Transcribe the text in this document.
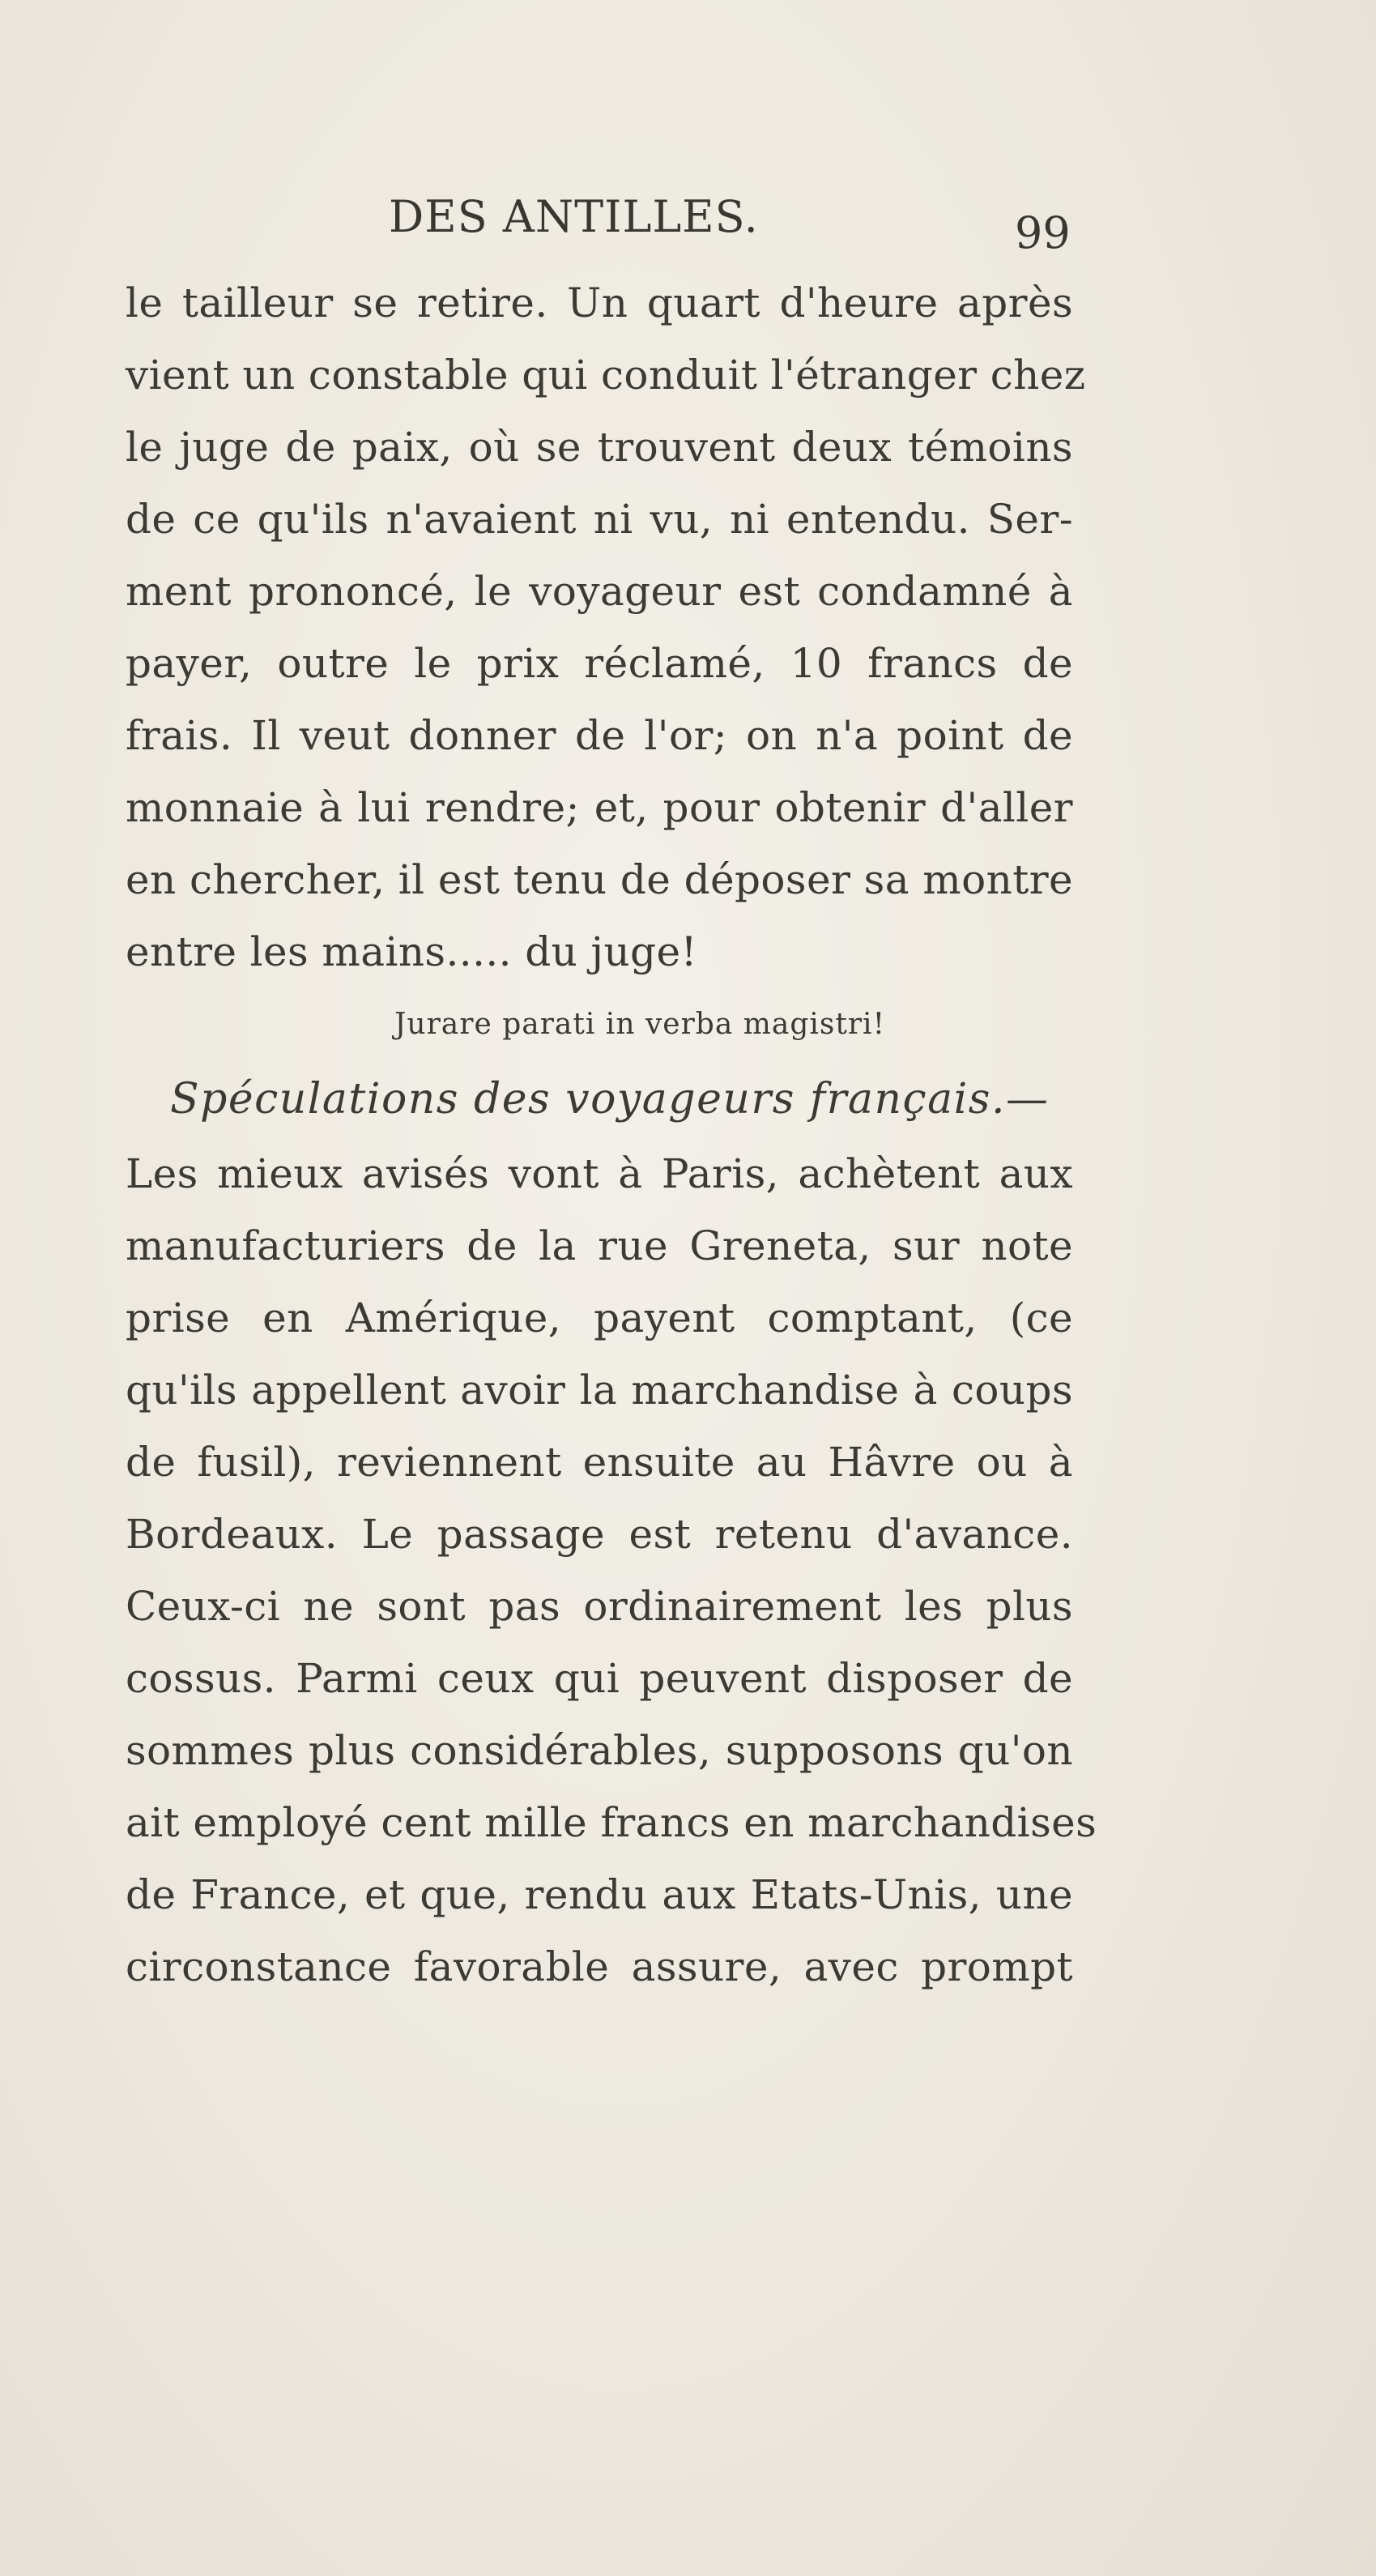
DES ANTILLES.	99
le tailleur se retire. Un quart d'heure après
vient un constable qui conduit l'étranger chez
le juge de paix, où se trouvent deux témoins
de ce qu'ils n'avaient ni vu, ni entendu. Ser-
ment prononcé, le voyageur est condamné à
payer, outre le prix réclamé, 10 francs de
frais. Il veut donner de l'or; on n'a point de
monnaie à lui rendre; et, pour obtenir d'aller
en chercher, il est tenu de déposer sa montre
entre les mains..... du juge!
Jurare parati in verba magistri!
Spéculations des voyageurs français.—
Les mieux avisés vont à Paris, achètent aux
manufacturiers de la rue Greneta, sur note
prise en Amérique, payent comptant, (ce
qu'ils appellent avoir la marchandise à coups
de fusil), reviennent ensuite au Hâvre ou à
Bordeaux. Le passage est retenu d'avance.
Ceux-ci ne sont pas ordinairement les plus
cossus. Parmi ceux qui peuvent disposer de
sommes plus considérables, supposons qu'on
ait employé cent mille francs en marchandises
de France, et que, rendu aux Etats-Unis, une
circonstance favorable assure, avec prompt
